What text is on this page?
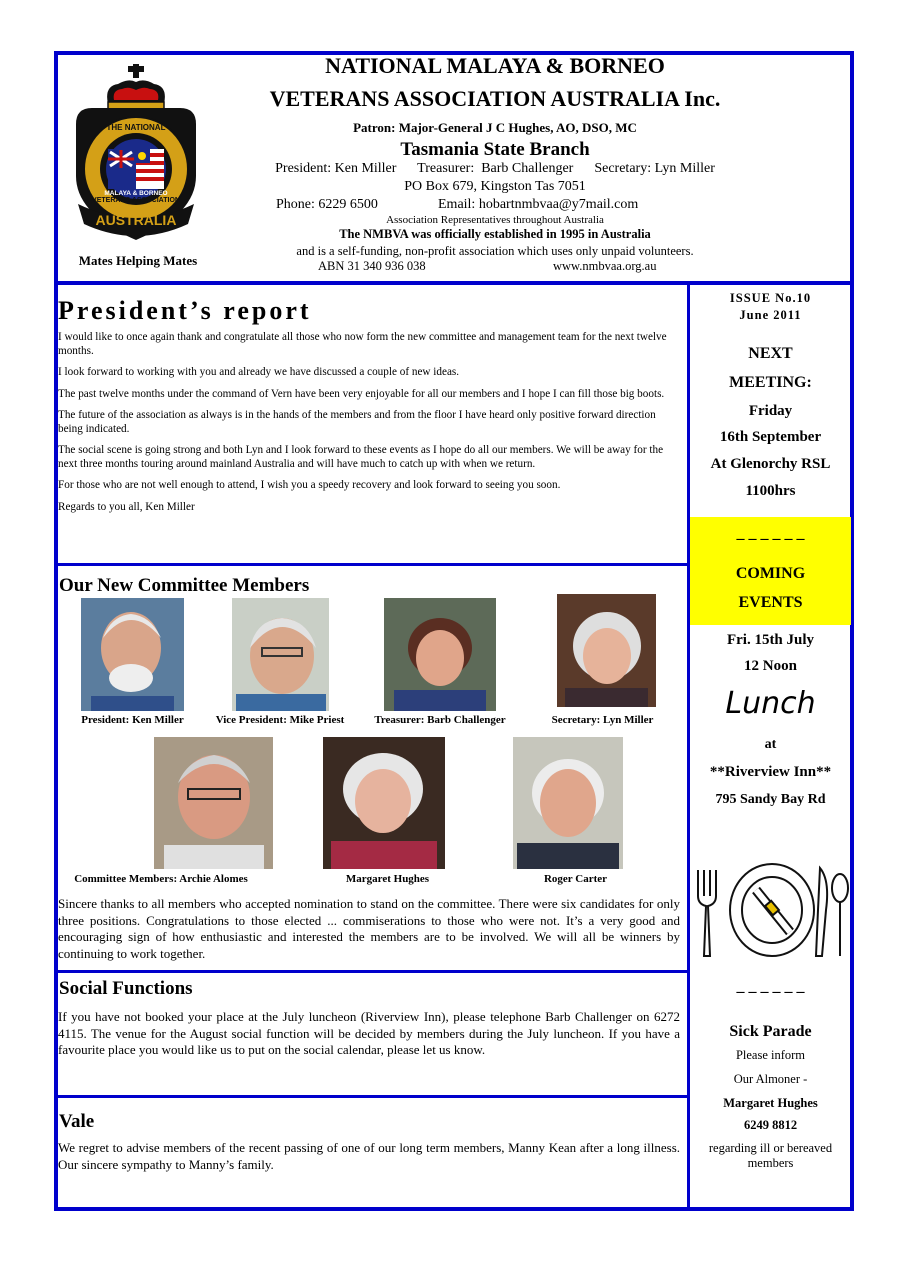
AUSTRALIA
THE NATIONAL
VETERANS ASSOCIATION
MALAYA & BORNEO
Mates Helping Mates
NATIONAL MALAYA & BORNEO
VETERANS ASSOCIATION AUSTRALIA Inc.
Patron: Major-General J C Hughes, AO, DSO, MC
Tasmania State Branch
President: Ken Miller      Treasurer:  Barb Challenger      Secretary: Lyn Miller
PO Box 679, Kingston Tas 7051
Phone: 6229 6500	Email: hobartnmbvaa@y7mail.com
Association Representatives throughout Australia
The NMBVA was officially established in 1995 in Australia
and is a self-funding, non-profit association which uses only unpaid volunteers.
ABN 31 340 936 038	www.nmbvaa.org.au
President’s report

I would like to once again thank and congratulate all those who now form the new committee and management team for the next twelve months.

I look forward to working with you and already we have discussed a couple of new ideas.

The past twelve months under the command of Vern have been very enjoyable for all our members and I hope I can fill those big boots.

The future of the association as always is in the hands of the members and from the floor I have heard only positive forward direction being indicated.

The social scene is going strong and both Lyn and I look forward to these events as I hope do all our members. We will be away for the next three months touring around mainland Australia and will have much to catch up with when we return.

For those who are not well enough to attend, I wish you a speedy recovery and look forward to seeing you soon.

Regards to you all, Ken Miller

Our New Committee Members
President: Ken Miller	Vice President: Mike Priest	Treasurer: Barb Challenger	Secretary: Lyn Miller
Committee Members: Archie Alomes	Margaret Hughes	Roger Carter
Sincere thanks to all members who accepted nomination to stand on the committee. There were six candidates for only three positions. Congratulations to those elected ... commiserations to those who were not. It’s a very good and encouraging sign of how enthusiastic and interested the members are to be involved. We will all be winners by continuing to work together.
Social Functions
If you have not booked your place at the July luncheon (Riverview Inn), please telephone Barb Challenger on 6272 4115. The venue for the August social function will be decided by members during the July luncheon. If you have a favourite place you would like us to put on the social calendar, please let us know.
Vale
We regret to advise members of the recent passing of one of our long term members, Manny Kean after a long illness. Our sincere sympathy to Manny’s family.
ISSUE No.10
June 2011
NEXT
MEETING:
Friday
16th September
At Glenorchy RSL
1100hrs
– – – – – –
COMING
EVENTS
Fri. 15th July
12 Noon
Lunch
at
**Riverview Inn**
795 Sandy Bay Rd
– – – – – –
Sick Parade
Please inform
Our Almoner -
Margaret Hughes
6249 8812
regarding ill or bereaved members
